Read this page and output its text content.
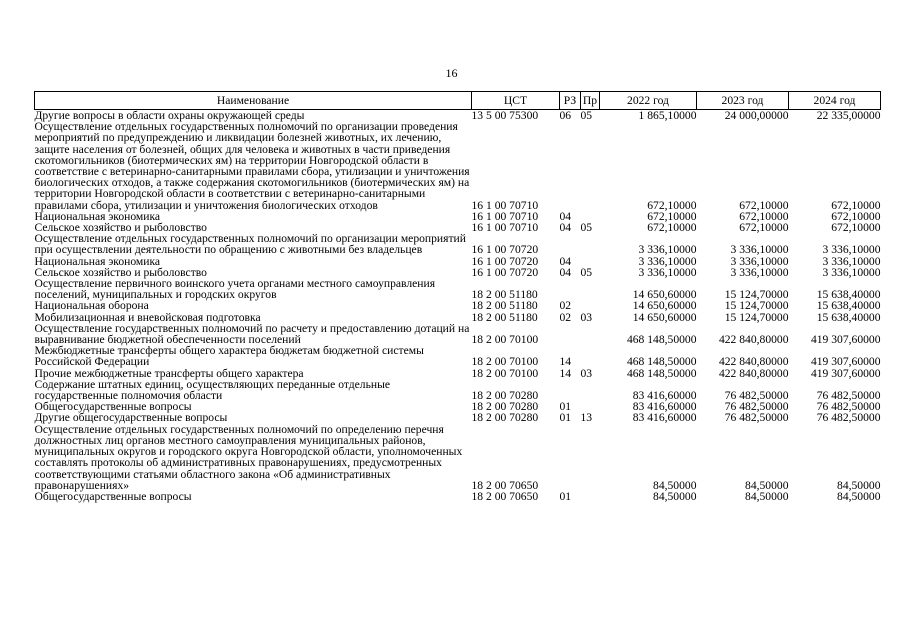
16
Наименование	ЦСТ	РЗ	Пр	2022 год	2023 год	2024 год
Другие вопросы в области охраны окружающей среды	13 5 00 75300	06	05	1 865,10000	24 000,00000	22 335,00000
Осуществление отдельных государственных полномочий по организации проведения мероприятий по предупреждению и ликвидации болезней животных, их лечению, защите населения от болезней, общих для человека и животных в части приведения скотомогильников (биотермических ям) на территории Новгородской области в соответствие с ветеринарно-санитарными правилами сбора, утилизации и уничтожения биологических отходов, а также содержания скотомогильников (биотермических ям) на территории Новгородской области в соответствии с ветеринарно-санитарными правилами сбора, утилизации и уничтожения биологических отходов	16 1 00 70710			672,10000	672,10000	672,10000
Национальная экономика	16 1 00 70710	04		672,10000	672,10000	672,10000
Сельское хозяйство и рыболовство	16 1 00 70710	04	05	672,10000	672,10000	672,10000
Осуществление отдельных государственных полномочий по организации мероприятий при осуществлении деятельности по обращению с животными без владельцев	16 1 00 70720			3 336,10000	3 336,10000	3 336,10000
Национальная экономика	16 1 00 70720	04		3 336,10000	3 336,10000	3 336,10000
Сельское хозяйство и рыболовство	16 1 00 70720	04	05	3 336,10000	3 336,10000	3 336,10000
Осуществление первичного воинского учета органами местного самоуправления поселений, муниципальных и городских округов	18 2 00 51180			14 650,60000	15 124,70000	15 638,40000
Национальная оборона	18 2 00 51180	02		14 650,60000	15 124,70000	15 638,40000
Мобилизационная и вневойсковая подготовка	18 2 00 51180	02	03	14 650,60000	15 124,70000	15 638,40000
Осуществление государственных полномочий по расчету и предоставлению дотаций на выравнивание бюджетной обеспеченности поселений	18 2 00 70100			468 148,50000	422 840,80000	419 307,60000
Межбюджетные трансферты общего характера бюджетам бюджетной системы Российской Федерации	18 2 00 70100	14		468 148,50000	422 840,80000	419 307,60000
Прочие межбюджетные трансферты общего характера	18 2 00 70100	14	03	468 148,50000	422 840,80000	419 307,60000
Содержание штатных единиц, осуществляющих переданные отдельные государственные полномочия области	18 2 00 70280			83 416,60000	76 482,50000	76 482,50000
Общегосударственные вопросы	18 2 00 70280	01		83 416,60000	76 482,50000	76 482,50000
Другие общегосударственные вопросы	18 2 00 70280	01	13	83 416,60000	76 482,50000	76 482,50000
Осуществление отдельных государственных полномочий по определению перечня должностных лиц органов местного самоуправления муниципальных районов, муниципальных округов и городского округа Новгородской области, уполномоченных составлять протоколы об административных правонарушениях, предусмотренных соответствующими статьями областного закона «Об административных правонарушениях»	18 2 00 70650			84,50000	84,50000	84,50000
Общегосударственные вопросы	18 2 00 70650	01		84,50000	84,50000	84,50000
